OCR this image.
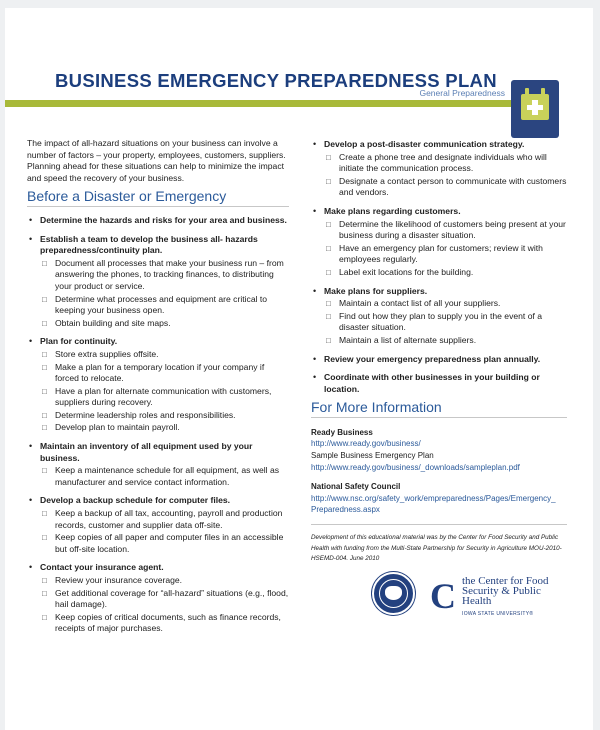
BUSINESS EMERGENCY PREPAREDNESS PLAN
General Preparedness

The impact of all-hazard situations on your business can involve a number of factors – your property, employees, customers, suppliers. Planning ahead for these situations can help to minimize the impact and speed the recovery of your business.

Before a Disaster or Emergency
• Determine the hazards and risks for your area and business.
• Establish a team to develop the business all- hazards preparedness/continuity plan.
□ Document all processes that make your business run – from answering the phones, to tracking finances, to distributing your product or service.
□ Determine what processes and equipment are critical to keeping your business open.
□ Obtain building and site maps.
• Plan for continuity.
□ Store extra supplies offsite.
□ Make a plan for a temporary location if your company if forced to relocate.
□ Have a plan for alternate communication with customers, suppliers during recovery.
□ Determine leadership roles and responsibilities.
□ Develop plan to maintain payroll.
• Maintain an inventory of all equipment used by your business.
□ Keep a maintenance schedule for all equipment, as well as manufacturer and service contact information.
• Develop a backup schedule for computer files.
□ Keep a backup of all tax, accounting, payroll and production records, customer and supplier data off-site.
□ Keep copies of all paper and computer files in an accessible but off-site location.
• Contact your insurance agent.
□ Review your insurance coverage.
□ Get additional coverage for “all-hazard” situations (e.g., flood, hail damage).
□ Keep copies of critical documents, such as finance records, receipts of major purchases.
• Develop a post-disaster communication strategy.
□ Create a phone tree and designate individuals who will initiate the communication process.
□ Designate a contact person to communicate with customers and vendors.
• Make plans regarding customers.
□ Determine the likelihood of customers being present at your business during a disaster situation.
□ Have an emergency plan for customers; review it with employees regularly.
□ Label exit locations for the building.
• Make plans for suppliers.
□ Maintain a contact list of all your suppliers.
□ Find out how they plan to supply you in the event of a disaster situation.
□ Maintain a list of alternate suppliers.
• Review your emergency preparedness plan annually.
• Coordinate with other businesses in your building or location.
For More Information
Ready Business
http://www.ready.gov/business/
Sample Business Emergency Plan
http://www.ready.gov/business/_downloads/sampleplan.pdf
National Safety Council
http://www.nsc.org/safety_work/empreparedness/Pages/Emergency_ Preparedness.aspx
Development of this educational material was by the Center for Food Security and Public Health with funding from the Multi-State Partnership for Security in Agriculture MOU-2010-HSEMD-004. June 2010
C the Center for Food Security & Public Health
IOWA STATE UNIVERSITY®
